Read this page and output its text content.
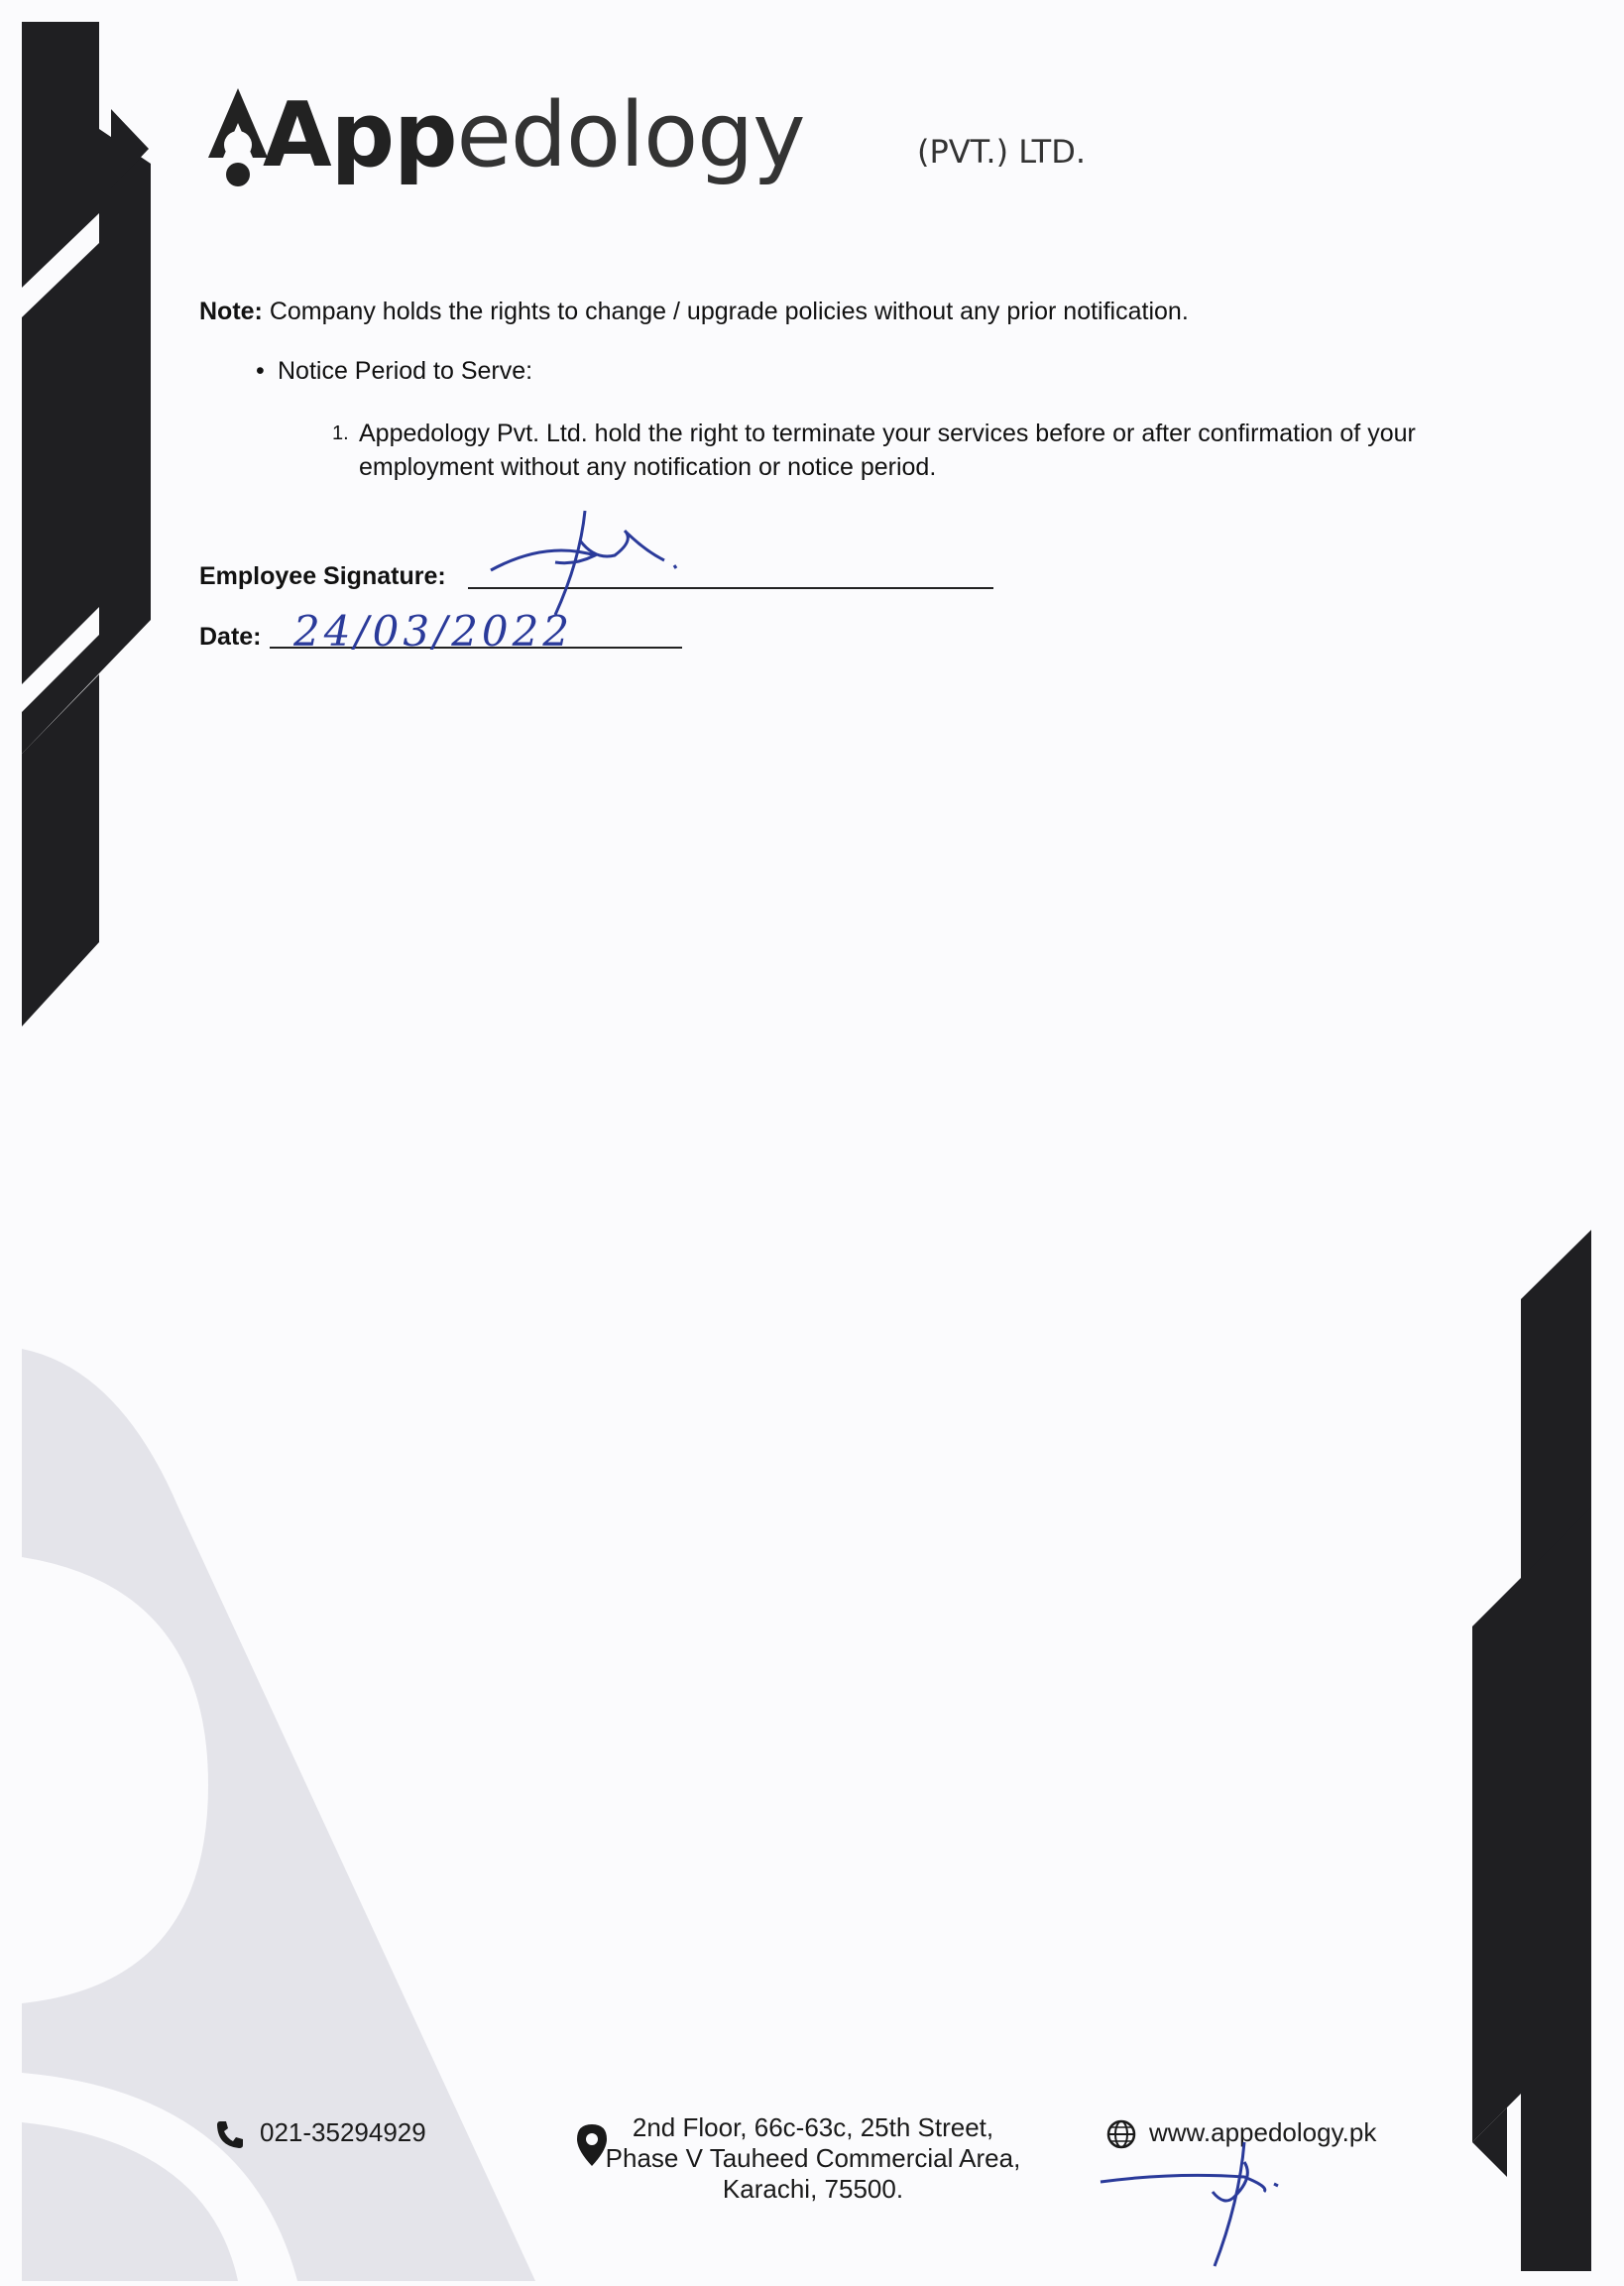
Appedology	(PVT.) LTD.
Note: Company holds the rights to change / upgrade policies without any prior notification.
• Notice Period to Serve:
1. Appedology Pvt. Ltd. hold the right to terminate your services before or after confirmation of your employment without any notification or notice period.
Employee Signature:
Date: 24/03/2022
021-35294929	2nd Floor, 66c-63c, 25th Street,
Phase V Tauheed Commercial Area,
Karachi, 75500.
www.appedology.pk
